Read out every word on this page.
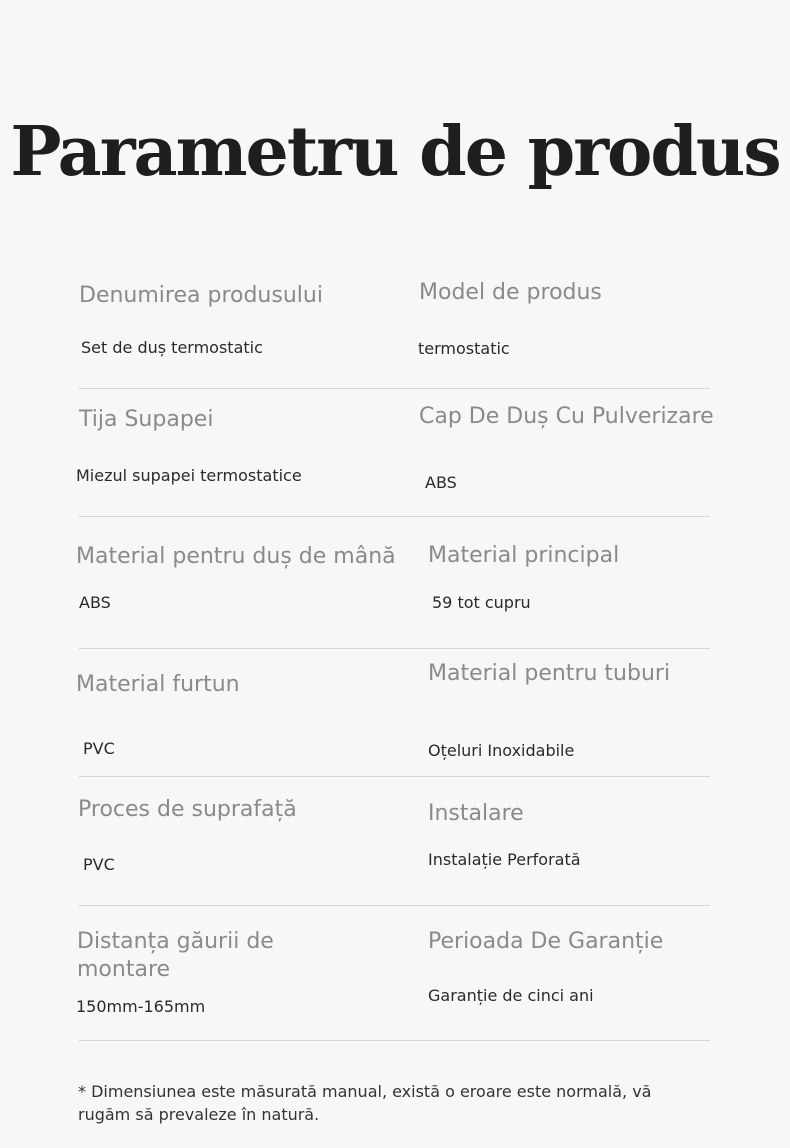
Parametru de produs
Denumirea produsului
Set de duș termostatic
Model de produs
termostatic
Tija Supapei
Miezul supapei termostatice
Cap De Duș Cu Pulverizare
ABS
Material pentru duș de mână
ABS
Material principal
59 tot cupru
Material furtun
PVC
Material pentru tuburi
Oțeluri Inoxidabile
Proces de suprafață
PVC
Instalare
Instalație Perforată
Distanța găurii de montare
150mm-165mm
Perioada De Garanție
Garanție de cinci ani
* Dimensiunea este măsurată manual, există o eroare este normală, vă rugăm să prevaleze în natură.
